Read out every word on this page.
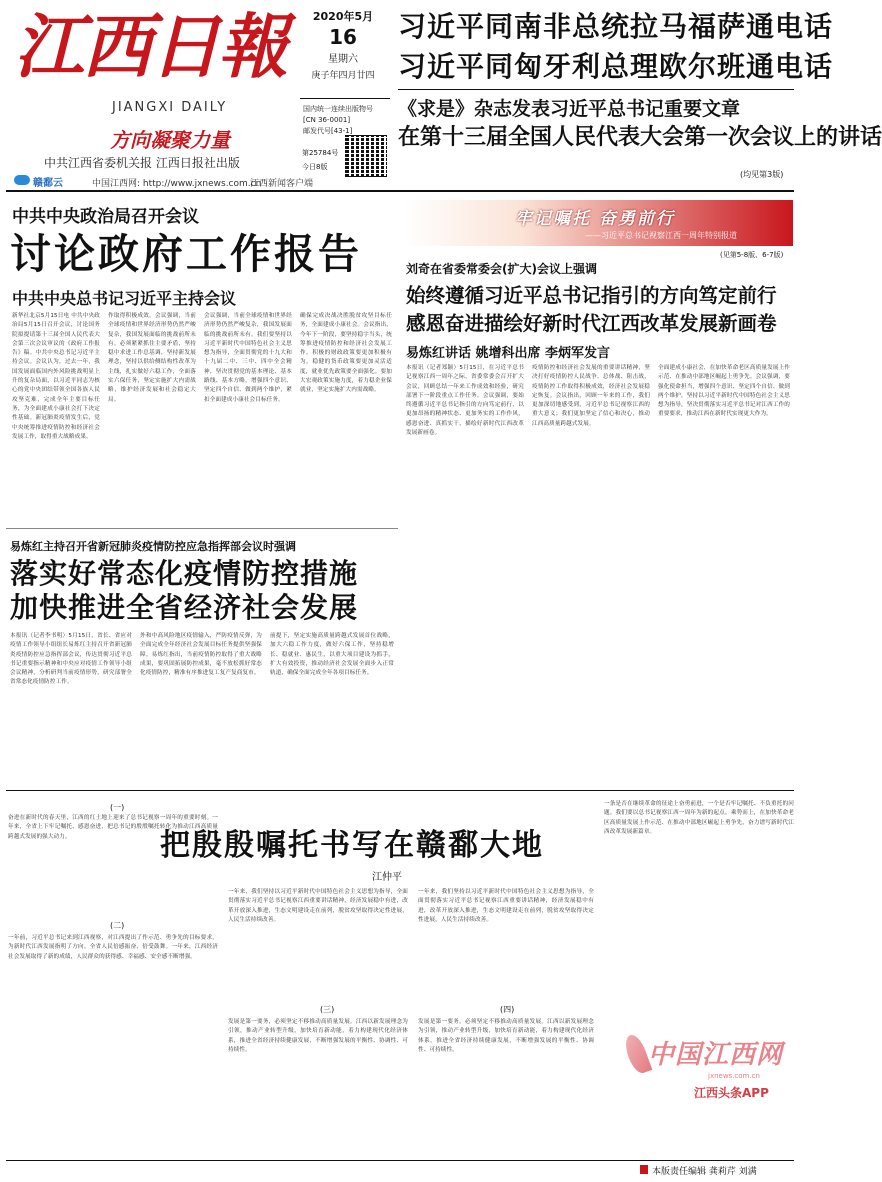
江西日報
JIANGXI DAILY
方向凝聚力量
中共江西省委机关报 江西日报社出版
赣鄱云	中国江西网: http://www.jxnews.com.cn
江西新闻客户端
2020年5月
16
星期六
庚子年四月廿四
国内统一连续出版物号
[CN 36-0001]
邮发代号[43-1]
第25784号
今日8版
习近平同南非总统拉马福萨通电话
习近平同匈牙利总理欧尔班通电话
《求是》杂志发表习近平总书记重要文章
在第十三届全国人民代表大会第一次会议上的讲话
(均见第3版)
中共中央政治局召开会议
讨论政府工作报告
中共中央总书记习近平主持会议
新华社北京5月15日电 中共中央政治局5月15日召开会议，讨论国务院拟提请第十三届全国人民代表大会第三次会议审议的《政府工作报告》稿。中共中央总书记习近平主持会议。会议认为，过去一年，我国发展面临国内外风险挑战明显上升的复杂局面，以习近平同志为核心的党中央团结带领全国各族人民攻坚克难，完成全年主要目标任务，为全面建成小康社会打下决定性基础。新冠肺炎疫情发生后，党中央统筹推进疫情防控和经济社会发展工作，取得重大战略成果。
作取得积极成效。会议强调，当前全球疫情和世界经济形势仍然严峻复杂，我国发展面临的挑战前所未有。必须紧紧抓住主要矛盾，坚持稳中求进工作总基调，坚持新发展理念，坚持以供给侧结构性改革为主线，扎实做好六稳工作，全面落实六保任务，坚定实施扩大内需战略，维护经济发展和社会稳定大局。
会议强调，当前全球疫情和世界经济形势仍然严峻复杂，我国发展面临的挑战前所未有。我们要坚持以习近平新时代中国特色社会主义思想为指导，全面贯彻党的十九大和十九届二中、三中、四中全会精神，坚决贯彻党的基本理论、基本路线、基本方略，增强四个意识、坚定四个自信、做到两个维护，紧扣全面建成小康社会目标任务。
确保完成决战决胜脱贫攻坚目标任务，全面建成小康社会。会议指出，今年下一阶段，要坚持稳字当头，统筹推进疫情防控和经济社会发展工作。积极的财政政策要更加积极有为，稳健的货币政策要更加灵活适度，就业优先政策要全面强化。要加大宏观政策实施力度，着力稳企业保就业，坚定实施扩大内需战略。
牢记嘱托 奋勇前行
——习近平总书记视察江西一周年特别报道
(见第5-8版、6-7版)
刘奇在省委常委会(扩大)会议上强调
始终遵循习近平总书记指引的方向笃定前行
感恩奋进描绘好新时代江西改革发展新画卷
易炼红讲话 姚增科出席 李炳军发言
本报讯（记者郑颖）5月15日，在习近平总书记视察江西一周年之际，省委常委会召开扩大会议，回顾总结一年来工作成效和经验，研究部署下一阶段重点工作任务。会议强调，要始终遵循习近平总书记指引的方向笃定前行，以更加昂扬的精神状态、更加务实的工作作风，感恩奋进、真抓实干，描绘好新时代江西改革发展新画卷。
疫情防控和经济社会发展的重要讲话精神，坚决打好疫情防控人民战争、总体战、阻击战，疫情防控工作取得积极成效，经济社会发展稳定恢复。会议指出，回顾一年来的工作，我们更加深切地感受到，习近平总书记视察江西的重大意义；我们更加坚定了信心和决心，推动江西高质量跨越式发展。
全面建成小康社会，在加快革命老区高质量发展上作示范、在推动中部地区崛起上勇争先。会议强调，要强化使命担当，增强四个意识、坚定四个自信、做到两个维护，坚持以习近平新时代中国特色社会主义思想为指导，坚决贯彻落实习近平总书记对江西工作的重要要求，推动江西在新时代实现更大作为。
易炼红主持召开省新冠肺炎疫情防控应急指挥部会议时强调
落实好常态化疫情防控措施
加快推进全省经济社会发展
本报讯（记者李书明）5月15日，省长、省应对疫情工作领导小组组长易炼红主持召开省新冠肺炎疫情防控应急指挥部会议，传达贯彻习近平总书记重要指示精神和中央应对疫情工作领导小组会议精神，分析研判当前疫情形势，研究部署全省常态化疫情防控工作。
外和中高风险地区疫情输入，严防疫情反弹，为全面完成全年经济社会发展目标任务提供坚强保障。易炼红指出，当前疫情防控取得了重大战略成果，要巩固拓展防控成果，毫不放松抓好常态化疫情防控，精准有序推进复工复产复商复市。
前提下，坚定实施高质量跨越式发展首位战略，加大六稳工作力度，做好六保工作，坚持稳增长、稳就业、惠民生，以重大项目建设为抓手，扩大有效投资，推动经济社会发展全面步入正常轨道，确保全面完成全年各项目标任务。
把殷殷嘱托书写在赣鄱大地
江仲平
(一)
奋进在新时代的春天里，江西的红土地上迎来了总书记视察一周年的重要时刻。一年来，全省上下牢记嘱托、感恩奋进，把总书记的殷殷嘱托转化为推动江西高质量跨越式发展的强大动力。
(二)
一年前，习近平总书记来到江西视察，对江西提出了作示范、勇争先的目标要求，为新时代江西发展指明了方向。全省人民倍感振奋、倍受鼓舞。一年来，江西经济社会发展取得了新的成绩，人民群众的获得感、幸福感、安全感不断增强。
一年来，我们坚持以习近平新时代中国特色社会主义思想为指导，全面贯彻落实习近平总书记视察江西重要讲话精神，经济发展稳中有进，改革开放深入推进，生态文明建设走在前列，脱贫攻坚取得决定性进展，人民生活持续改善。
(三)
发展是第一要务，必须坚定不移推动高质量发展。江西以新发展理念为引领，推动产业转型升级，加快培育新动能，着力构建现代化经济体系，推进全省经济持续健康发展，不断增强发展的平衡性、协调性、可持续性。
一年来，我们坚持以习近平新时代中国特色社会主义思想为指导，全面贯彻落实习近平总书记视察江西重要讲话精神，经济发展稳中有进，改革开放深入推进，生态文明建设走在前列，脱贫攻坚取得决定性进展，人民生活持续改善。
(四)
发展是第一要务，必须坚定不移推动高质量发展。江西以新发展理念为引领，推动产业转型升级，加快培育新动能，着力构建现代化经济体系，推进全省经济持续健康发展，不断增强发展的平衡性、协调性、可持续性。
一条是否在继续革命的征途上奋勇前进，一个是否牢记嘱托、不负重托的问题。我们要以总书记视察江西一周年为新的起点，乘势而上，在加快革命老区高质量发展上作示范、在推动中部地区崛起上勇争先，奋力谱写新时代江西改革发展新篇章。
中国江西网
jxnews.com.cn
江西头条APP
本版责任编辑 龚莉芹 刘满
